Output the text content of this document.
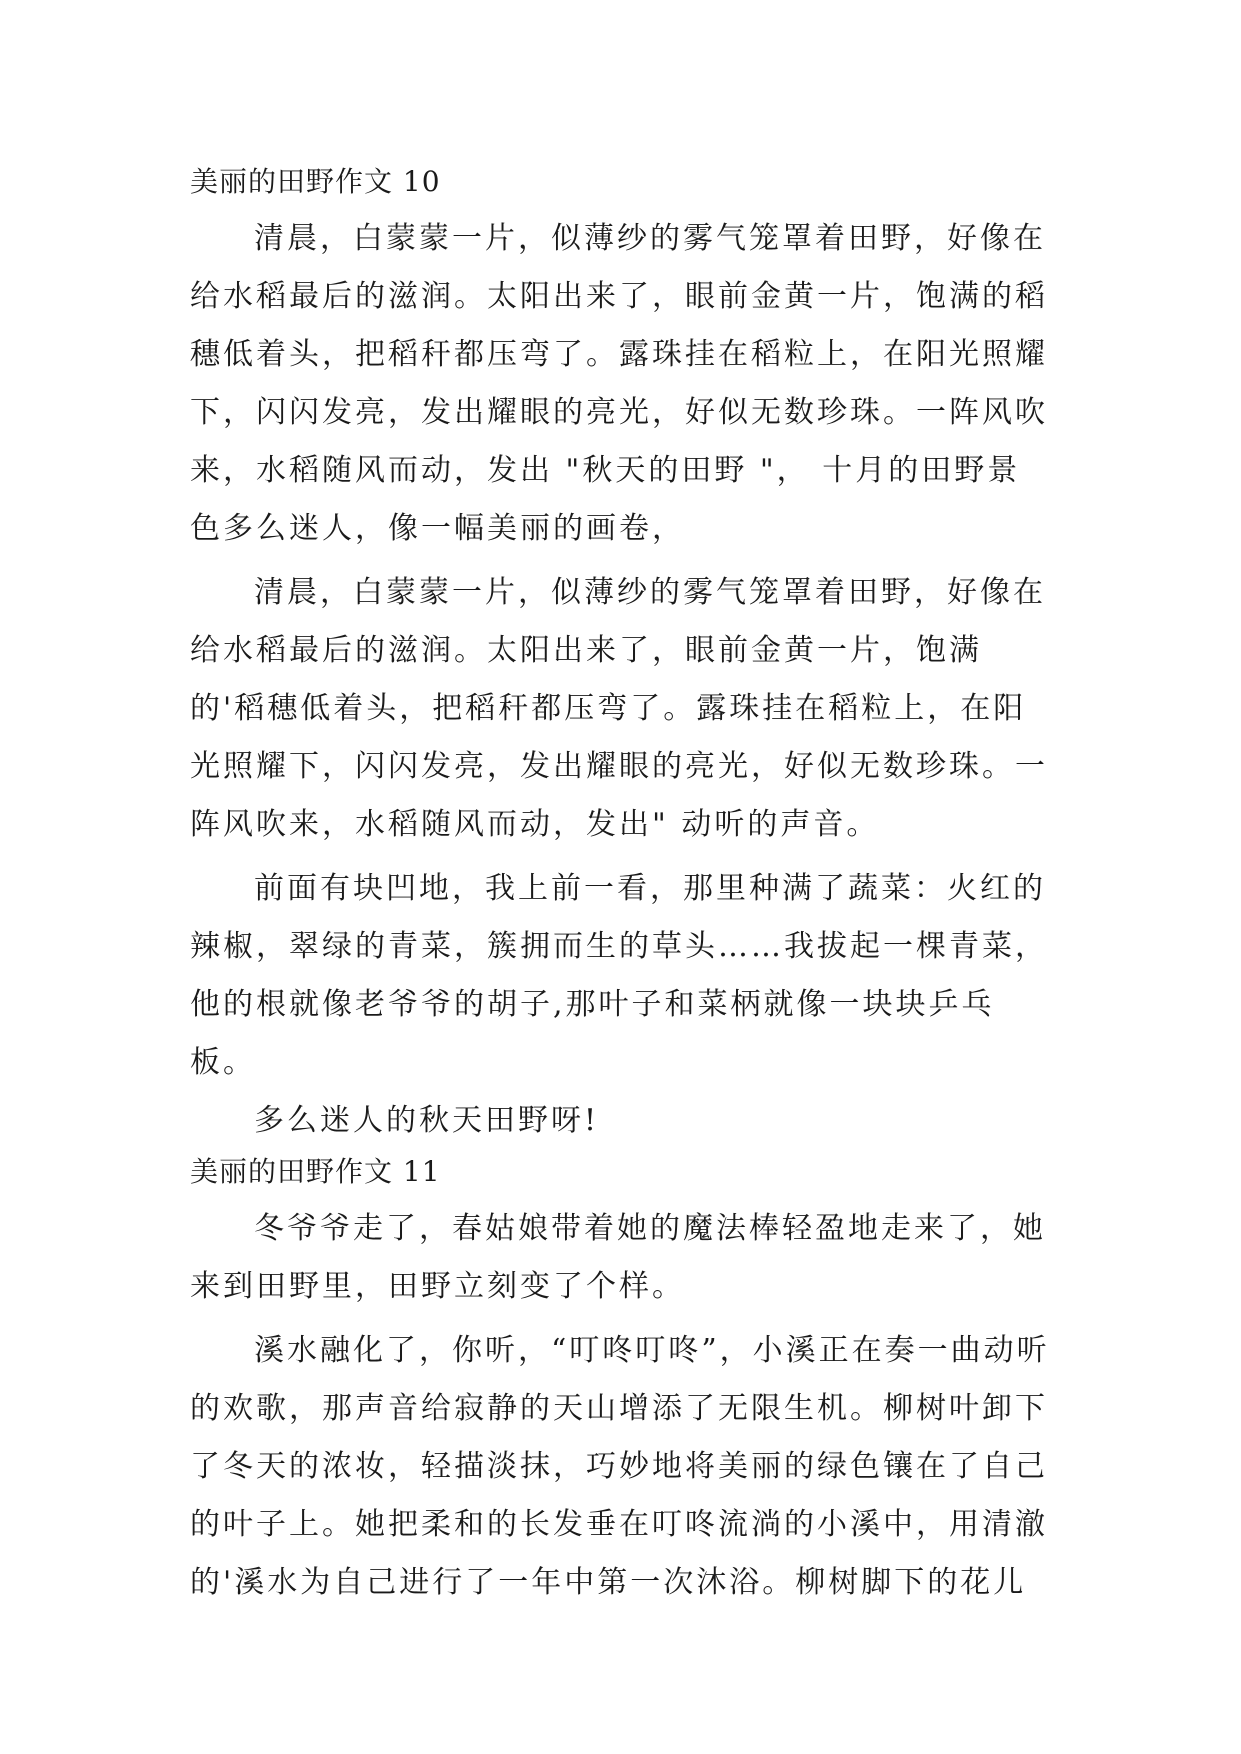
美丽的田野作文 10

清晨，白蒙蒙一片，似薄纱的雾气笼罩着田野，好像在给水稻最后的滋润。太阳出来了，眼前金黄一片，饱满的稻穗低着头，把稻秆都压弯了。露珠挂在稻粒上，在阳光照耀下，闪闪发亮，发出耀眼的亮光，好似无数珍珠。一阵风吹来，水稻随风而动，发出 "秋天的田野 "， 十月的田野景色多么迷人，像一幅美丽的画卷，

清晨，白蒙蒙一片，似薄纱的雾气笼罩着田野，好像在给水稻最后的滋润。太阳出来了，眼前金黄一片，饱满的'稻穗低着头，把稻秆都压弯了。露珠挂在稻粒上，在阳光照耀下，闪闪发亮，发出耀眼的亮光，好似无数珍珠。一阵风吹来，水稻随风而动，发出" 动听的声音。

前面有块凹地，我上前一看，那里种满了蔬菜：火红的辣椒，翠绿的青菜，簇拥而生的草头……我拔起一棵青菜，他的根就像老爷爷的胡子,那叶子和菜柄就像一块块乒乓板。

多么迷人的秋天田野呀!

美丽的田野作文 11

冬爷爷走了，春姑娘带着她的魔法棒轻盈地走来了，她来到田野里，田野立刻变了个样。

溪水融化了，你听，“叮咚叮咚”，小溪正在奏一曲动听的欢歌，那声音给寂静的天山增添了无限生机。柳树叶卸下了冬天的浓妆，轻描淡抹，巧妙地将美丽的绿色镶在了自己的叶子上。她把柔和的长发垂在叮咚流淌的小溪中，用清澈的'溪水为自己进行了一年中第一次沐浴。柳树脚下的花儿
